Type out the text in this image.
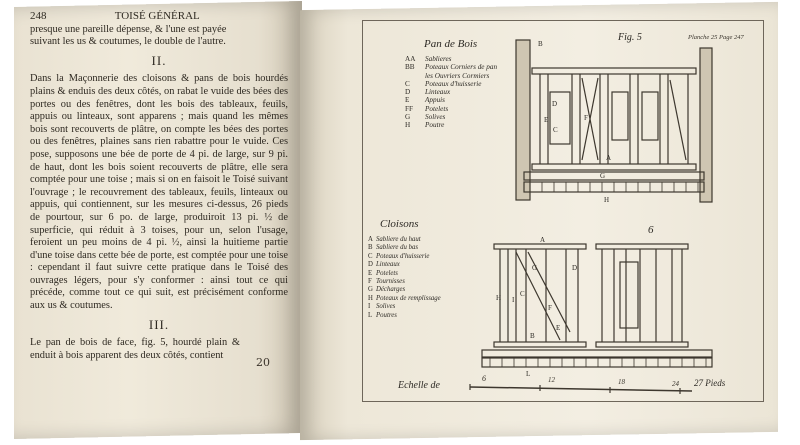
248	TOISÉ GÉNÉRAL
presque une pareille dépense, & l'une est payée
suivant les us & coutumes, le double de l'autre.
II.

Dans la Maçonnerie des cloisons & pans de bois hourdés plains & enduis des deux côtés, on rabat le vuide des bées des portes ou des fenêtres, dont les bois des tableaux, feuils, appuis ou linteaux, sont apparens ; mais quand les mêmes bois sont recouverts de plâtre, on compte les bées des portes ou des fenêtres, plaines sans rien rabattre pour le vuide. Ces pose, supposons une bée de porte de 4 pi. de large, sur 9 pi. de haut, dont les bois soient recouverts de plâtre, elle sera comptée pour une toise ; mais si on en faisoit le Toisé suivant l'ouvrage ; le recouvrement des tableaux, feuils, linteaux ou appuis, qui contiennent, sur les mesures ci-dessus, 26 pieds de pourtour, sur 6 po. de large, produiroit 13 pi. ½ de superficie, qui réduit à 3 toises, pour un, selon l'usage, feroient un peu moins de 4 pi. ½, ainsi la huitieme partie d'une toise dans cette bée de porte, est comptée pour une toise : cependant il faut suivre cette pratique dans le Toisé des ouvrages légers, pour s'y conformer : ainsi tout ce qui précéde, comme tout ce qui suit, est précisément conforme aux us & coutumes.

III.

Le pan de bois de face, fig. 5, hourdé plain & enduit à bois apparent des deux côtés, contient

20
Pan de Bois
Fig. 5	Planche 25 Page 247
AA Sablieres
BB Poteaux Corniers de pan
les Ouvriers Cormiers
C Poteaux d'huisserie
D Linteaux
E Appuis
FF Potelets
G Solives
H Poutre
Cloisons	6
A Sabliere du haut
B Sabliere du bas
C Poteaux d'huisserie
D Linteaux
E Potelets
F Tournisses
G Décharges
H Poteaux de remplissage
I Solives
L Poutres
Echelle de
6	12	18	24 27 Pieds
B
D
E
C
F
A
G
H
A
B
H I
C
F
G
E
D
L
